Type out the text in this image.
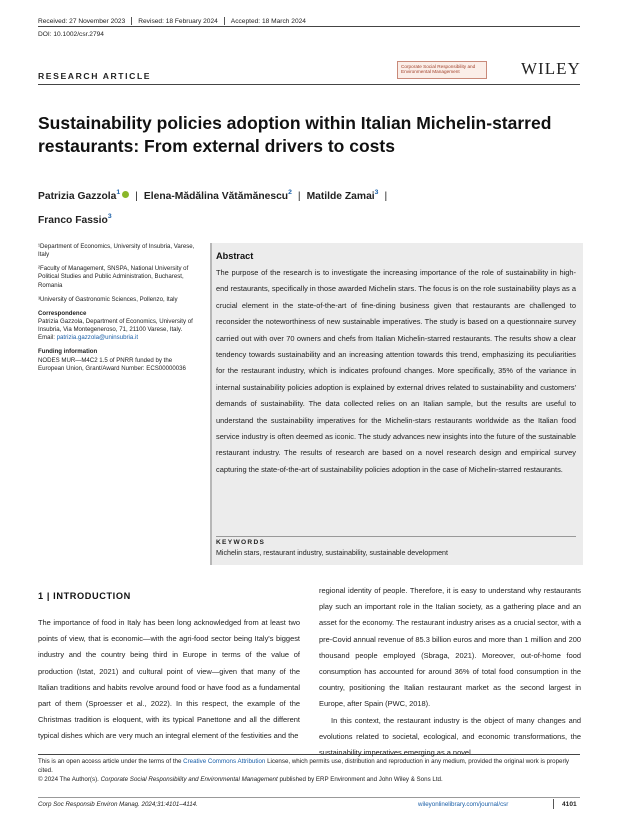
Received: 27 November 2023 Revised: 18 February 2024 Accepted: 18 March 2024
DOI: 10.1002/csr.2794
RESEARCH ARTICLE
Corporate Social Responsibility and Environmental Management	WILEY
Sustainability policies adoption within Italian Michelin-starred restaurants: From external drivers to costs
Patrizia Gazzola$^1$ | Elena-Mădălina Vătămănescu$^2$ | Matilde Zamai$^3$ |
Franco Fassio$^3$

¹Department of Economics, University of Insubria, Varese, Italy

²Faculty of Management, SNSPA, National University of Political Studies and Public Administration, Bucharest, Romania

³University of Gastronomic Sciences, Pollenzo, Italy

Correspondence

Patrizia Gazzola, Department of Economics, University of Insubria, Via Montegeneroso, 71, 21100 Varese, Italy.

Email: patrizia.gazzola@uninsubria.it

Funding information

NODES MUR—M4C2 1.5 of PNRR funded by the European Union, Grant/Award Number: ECS00000036

Abstract

The purpose of the research is to investigate the increasing importance of the role of sustainability in high-end restaurants, specifically in those awarded Michelin stars. The focus is on the role sustainability plays as a crucial element in the state-of-the-art of fine-dining business given that restaurants are challenged to reconsider the noteworthiness of new sustainable imperatives. The study is based on a questionnaire survey carried out with over 70 owners and chefs from Italian Michelin-starred restaurants. The results show a clear tendency towards sustainability and an increasing attention towards this trend, emphasizing its peculiarities for the restaurant industry, which is indicates profound changes. More specifically, 35% of the variance in internal sustainability policies adoption is explained by external drives related to sustainability and customers' demands of sustainability. The data collected relies on an Italian sample, but the results are useful to understand the sustainability imperatives for the Michelin-stars restaurants worldwide as the Italian food service industry is often deemed as iconic. The study advances new insights into the future of the sustainable restaurant industry. The results of research are based on a novel research design and empirical survey capturing the state-of-the-art of sustainability policies adoption in the case of Michelin-starred restaurants.

KEYWORDS
Michelin stars, restaurant industry, sustainability, sustainable development
1 | INTRODUCTION

The importance of food in Italy has been long acknowledged from at least two points of view, that is economic—with the agri-food sector being Italy's biggest industry and the country being third in Europe in terms of the value of production (Istat, 2021) and cultural point of view—given that many of the Italian traditions and habits revolve around food or have food as a fundamental part of them (Sproesser et al., 2022). In this respect, the example of the Christmas tradition is eloquent, with its typical Panettone and all the different typical dishes which are very much an integral element of the festivities and the

regional identity of people. Therefore, it is easy to understand why restaurants play such an important role in the Italian society, as a gathering place and an asset for the economy. The restaurant industry arises as a crucial sector, with a pre-Covid annual revenue of 85.3 billion euros and more than 1 million and 200 thousand people employed (Sbraga, 2021). Moreover, out-of-home food consumption has accounted for around 36% of total food consumption in the country, positioning the Italian restaurant market as the second largest in Europe, after Spain (PWC, 2018).

In this context, the restaurant industry is the object of many changes and evolutions related to societal, ecological, and economic transformations, the sustainability imperatives emerging as a novel

This is an open access article under the terms of the Creative Commons Attribution License, which permits use, distribution and reproduction in any medium, provided the original work is properly cited.
© 2024 The Author(s). Corporate Social Responsibility and Environmental Management published by ERP Environment and John Wiley & Sons Ltd.
Corp Soc Responsib Environ Manag. 2024;31:4101–4114.	wileyonlinelibrary.com/journal/csr	4101
